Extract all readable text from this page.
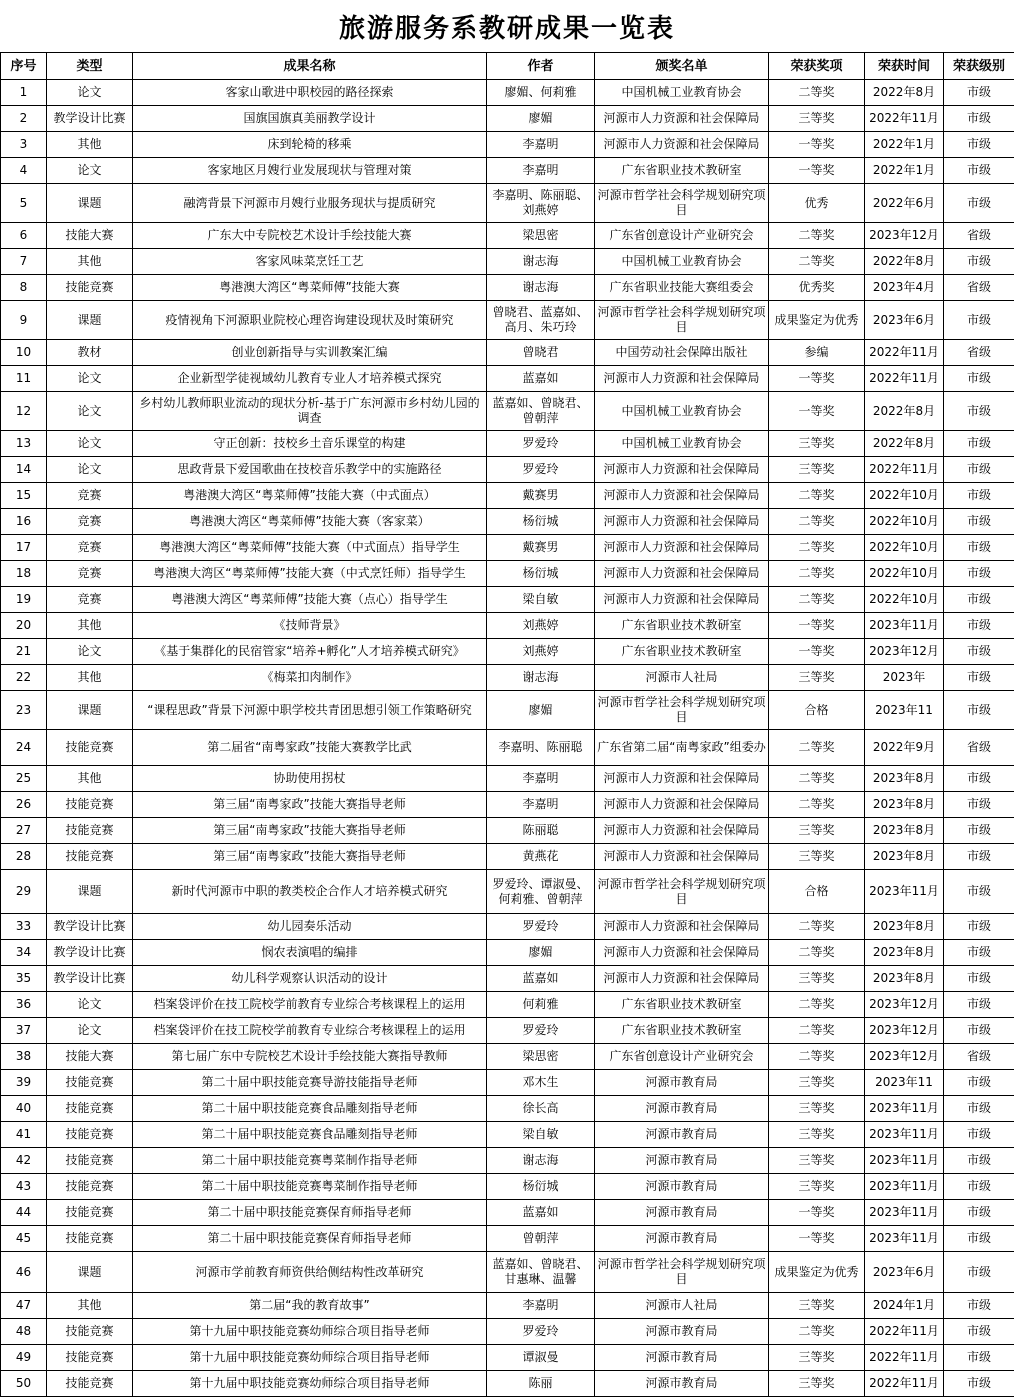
旅游服务系教研成果一览表
序号	类型	成果名称	作者	颁奖名单	荣获奖项	荣获时间	荣获级别
1	论文	客家山歌进中职校园的路径探索	廖媚、何莉雅	中国机械工业教育协会	二等奖	2022年8月	市级
2	教学设计比赛	国旗国旗真美丽教学设计	廖媚	河源市人力资源和社会保障局	三等奖	2022年11月	市级
3	其他	床到轮椅的移乘	李嘉明	河源市人力资源和社会保障局	一等奖	2022年1月	市级
4	论文	客家地区月嫂行业发展现状与管理对策	李嘉明	广东省职业技术教研室	一等奖	2022年1月	市级
5	课题	融湾背景下河源市月嫂行业服务现状与提质研究	李嘉明、陈丽聪、刘燕婷	河源市哲学社会科学规划研究项目	优秀	2022年6月	市级
6	技能大赛	广东大中专院校艺术设计手绘技能大赛	梁思密	广东省创意设计产业研究会	二等奖	2023年12月	省级
7	其他	客家风味菜烹饪工艺	谢志海	中国机械工业教育协会	二等奖	2022年8月	市级
8	技能竞赛	粤港澳大湾区“粤菜师傅”技能大赛	谢志海	广东省职业技能大赛组委会	优秀奖	2023年4月	省级
9	课题	疫情视角下河源职业院校心理咨询建设现状及时策研究	曾晓君、蓝嘉如、高月、朱巧玲	河源市哲学社会科学规划研究项目	成果鉴定为优秀	2023年6月	市级
10	教材	创业创新指导与实训教案汇编	曾晓君	中国劳动社会保障出版社	参编	2022年11月	省级
11	论文	企业新型学徒视域幼儿教育专业人才培养模式探究	蓝嘉如	河源市人力资源和社会保障局	一等奖	2022年11月	市级
12	论文	乡村幼儿教师职业流动的现状分析-基于广东河源市乡村幼儿园的调查	蓝嘉如、曾晓君、曾朝萍	中国机械工业教育协会	一等奖	2022年8月	市级
13	论文	守正创新：技校乡土音乐课堂的构建	罗爱玲	中国机械工业教育协会	三等奖	2022年8月	市级
14	论文	思政背景下爱国歌曲在技校音乐教学中的实施路径	罗爱玲	河源市人力资源和社会保障局	三等奖	2022年11月	市级
15	竞赛	粤港澳大湾区“粤菜师傅”技能大赛（中式面点）	戴赛男	河源市人力资源和社会保障局	二等奖	2022年10月	市级
16	竞赛	粤港澳大湾区“粤菜师傅”技能大赛（客家菜）	杨衍城	河源市人力资源和社会保障局	二等奖	2022年10月	市级
17	竞赛	粤港澳大湾区“粤菜师傅”技能大赛（中式面点）指导学生	戴赛男	河源市人力资源和社会保障局	二等奖	2022年10月	市级
18	竞赛	粤港澳大湾区“粤菜师傅”技能大赛（中式烹饪师）指导学生	杨衍城	河源市人力资源和社会保障局	二等奖	2022年10月	市级
19	竞赛	粤港澳大湾区“粤菜师傅”技能大赛（点心）指导学生	梁自敏	河源市人力资源和社会保障局	二等奖	2022年10月	市级
20	其他	《技师背景》	刘燕婷	广东省职业技术教研室	一等奖	2023年11月	市级
21	论文	《基于集群化的民宿管家“培养+孵化”人才培养模式研究》	刘燕婷	广东省职业技术教研室	一等奖	2023年12月	市级
22	其他	《梅菜扣肉制作》	谢志海	河源市人社局	三等奖	2023年	市级
23	课题	“课程思政”背景下河源中职学校共青团思想引领工作策略研究	廖媚	河源市哲学社会科学规划研究项目	合格	2023年11	市级
24	技能竞赛	第二届省“南粤家政”技能大赛教学比武	李嘉明、陈丽聪	广东省第二届“南粤家政”组委办	二等奖	2022年9月	省级
25	其他	协助使用拐杖	李嘉明	河源市人力资源和社会保障局	二等奖	2023年8月	市级
26	技能竞赛	第三届“南粤家政”技能大赛指导老师	李嘉明	河源市人力资源和社会保障局	二等奖	2023年8月	市级
27	技能竞赛	第三届“南粤家政”技能大赛指导老师	陈丽聪	河源市人力资源和社会保障局	三等奖	2023年8月	市级
28	技能竞赛	第三届“南粤家政”技能大赛指导老师	黄燕花	河源市人力资源和社会保障局	三等奖	2023年8月	市级
29	课题	新时代河源市中职的教类校企合作人才培养模式研究	罗爱玲、谭淑曼、何莉雅、曾朝萍	河源市哲学社会科学规划研究项目	合格	2023年11月	市级
33	教学设计比赛	幼儿园奏乐活动	罗爱玲	河源市人力资源和社会保障局	二等奖	2023年8月	市级
34	教学设计比赛	悯农表演唱的编排	廖媚	河源市人力资源和社会保障局	二等奖	2023年8月	市级
35	教学设计比赛	幼儿科学观察认识活动的设计	蓝嘉如	河源市人力资源和社会保障局	三等奖	2023年8月	市级
36	论文	档案袋评价在技工院校学前教育专业综合考核课程上的运用	何莉雅	广东省职业技术教研室	二等奖	2023年12月	市级
37	论文	档案袋评价在技工院校学前教育专业综合考核课程上的运用	罗爱玲	广东省职业技术教研室	二等奖	2023年12月	市级
38	技能大赛	第七届广东中专院校艺术设计手绘技能大赛指导教师	梁思密	广东省创意设计产业研究会	二等奖	2023年12月	省级
39	技能竞赛	第二十届中职技能竞赛导游技能指导老师	邓木生	河源市教育局	三等奖	2023年11	市级
40	技能竞赛	第二十届中职技能竞赛食品雕刻指导老师	徐长高	河源市教育局	三等奖	2023年11月	市级
41	技能竞赛	第二十届中职技能竞赛食品雕刻指导老师	梁自敏	河源市教育局	三等奖	2023年11月	市级
42	技能竞赛	第二十届中职技能竞赛粤菜制作指导老师	谢志海	河源市教育局	三等奖	2023年11月	市级
43	技能竞赛	第二十届中职技能竞赛粤菜制作指导老师	杨衍城	河源市教育局	三等奖	2023年11月	市级
44	技能竞赛	第二十届中职技能竞赛保育师指导老师	蓝嘉如	河源市教育局	一等奖	2023年11月	市级
45	技能竞赛	第二十届中职技能竞赛保育师指导老师	曾朝萍	河源市教育局	一等奖	2023年11月	市级
46	课题	河源市学前教育师资供给侧结构性改革研究	蓝嘉如、曾晓君、甘惠琳、温馨	河源市哲学社会科学规划研究项目	成果鉴定为优秀	2023年6月	市级
47	其他	第二届“我的教育故事”	李嘉明	河源市人社局	三等奖	2024年1月	市级
48	技能竞赛	第十九届中职技能竞赛幼师综合项目指导老师	罗爱玲	河源市教育局	二等奖	2022年11月	市级
49	技能竞赛	第十九届中职技能竞赛幼师综合项目指导老师	谭淑曼	河源市教育局	三等奖	2022年11月	市级
50	技能竞赛	第十九届中职技能竞赛幼师综合项目指导老师	陈丽	河源市教育局	三等奖	2022年11月	市级
